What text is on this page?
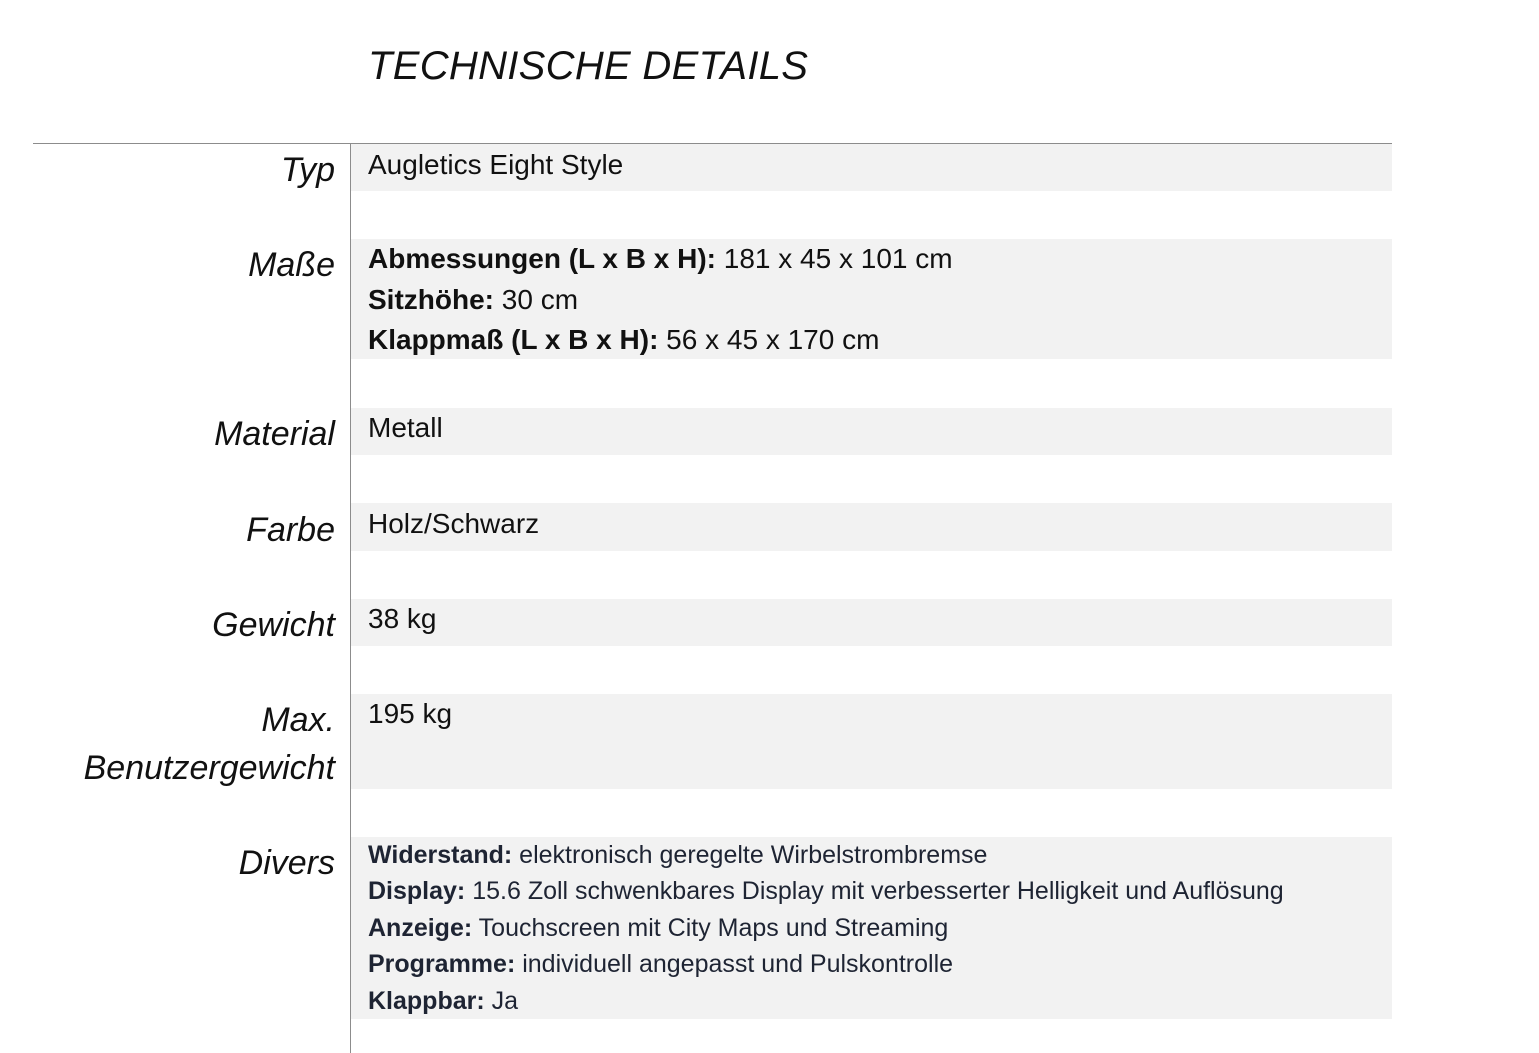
TECHNISCHE DETAILS
Typ Augletics Eight Style
Maße Abmessungen (L x B x H): 181 x 45 x 101 cm
Sitzhöhe: 30 cm
Klappmaß (L x B x H): 56 x 45 x 170 cm
Material Metall
Farbe Holz/Schwarz
Gewicht 38 kg
Max.
Benutzergewicht
195 kg
Divers Widerstand: elektronisch geregelte Wirbelstrombremse
Display: 15.6 Zoll schwenkbares Display mit verbesserter Helligkeit und Auflösung
Anzeige: Touchscreen mit City Maps und Streaming
Programme: individuell angepasst und Pulskontrolle
Klappbar: Ja
